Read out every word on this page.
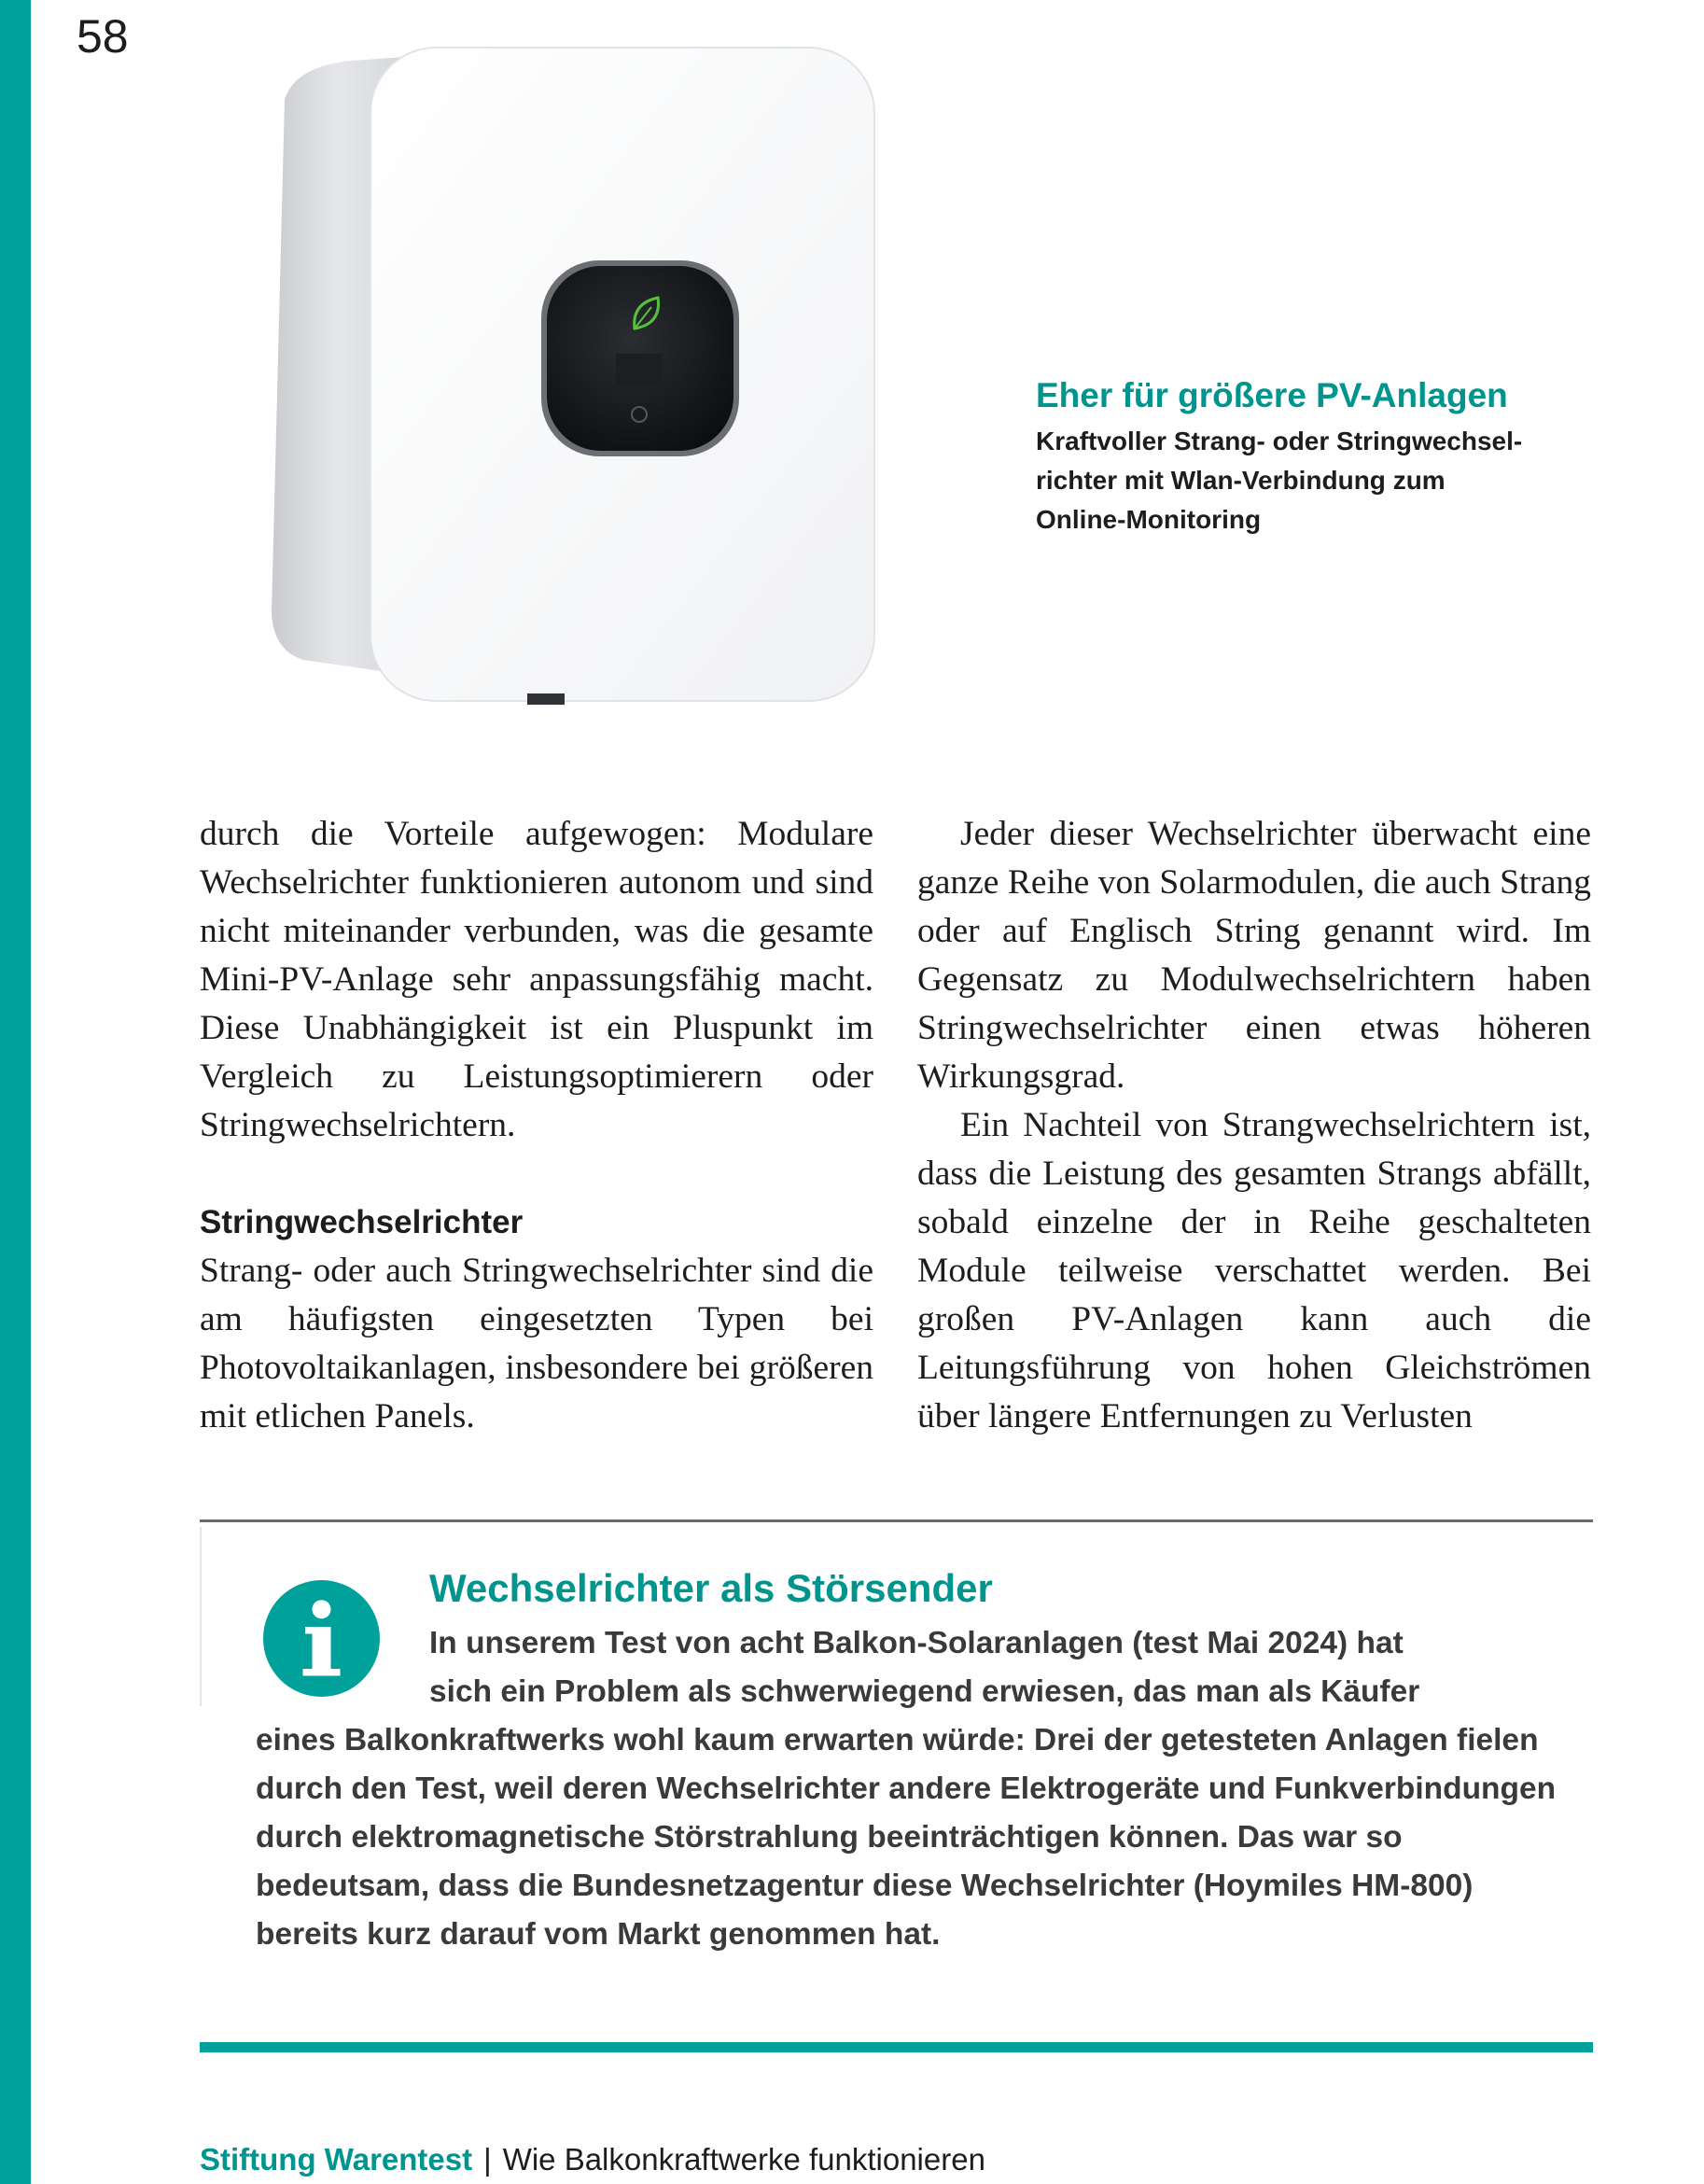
58

Eher für größere PV-Anlagen

Kraftvoller Strang- oder Stringwechsel-
richter mit Wlan-Verbindung zum
Online-Monitoring

durch die Vorteile aufgewogen: Modulare Wechselrichter funktionieren autonom und sind nicht miteinander verbunden, was die gesamte Mini-PV-Anlage sehr anpassungsfähig macht. Diese Unabhängigkeit ist ein Pluspunkt im Vergleich zu Leistungsoptimierern oder Stringwechselrichtern.

Stringwechselrichter

Strang- oder auch Stringwechselrichter sind die am häufigsten eingesetzten Typen bei Photovoltaikanlagen, insbesondere bei größeren mit etlichen Panels.

Jeder dieser Wechselrichter überwacht eine ganze Reihe von Solarmodulen, die auch Strang oder auf Englisch String genannt wird. Im Gegensatz zu Modulwechselrichtern haben Stringwechselrichter einen etwas höheren Wirkungsgrad.

Ein Nachteil von Strangwechselrichtern ist, dass die Leistung des gesamten Strangs abfällt, sobald einzelne der in Reihe geschalteten Module teilweise verschattet werden. Bei großen PV-Anlagen kann auch die Leitungsführung von hohen Gleichströmen über längere Entfernungen zu Verlusten

Wechselrichter als Störsender

In unserem Test von acht Balkon-Solaranlagen (test Mai 2024) hat
sich ein Problem als schwerwiegend erwiesen, das man als Käufer
eines Balkonkraftwerks wohl kaum erwarten würde: Drei der getesteten Anlagen fielen durch den Test, weil deren Wechselrichter andere Elektrogeräte und Funkverbindungen durch elektromagnetische Störstrahlung beeinträchtigen können. Das war so bedeutsam, dass die Bundesnetzagentur diese Wechselrichter (Hoymiles HM-800) bereits kurz darauf vom Markt genommen hat.

Stiftung Warentest | Wie Balkonkraftwerke funktionieren
